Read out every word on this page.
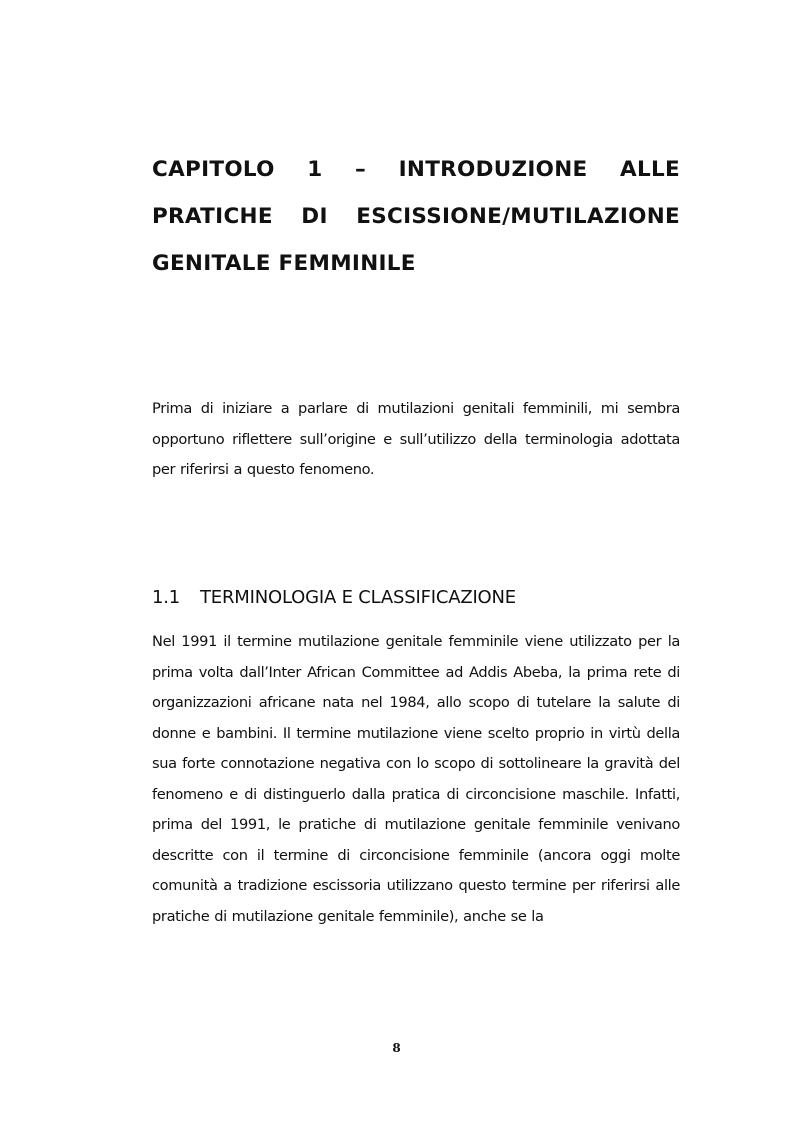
CAPITOLO 1 – INTRODUZIONE ALLE PRATICHE DI ESCISSIONE/MUTILAZIONE GENITALE FEMMINILE

Prima di iniziare a parlare di mutilazioni genitali femminili, mi sembra opportuno riflettere sull’origine e sull’utilizzo della terminologia adottata per riferirsi a questo fenomeno.

1.1 TERMINOLOGIA E CLASSIFICAZIONE

Nel 1991 il termine mutilazione genitale femminile viene utilizzato per la prima volta dall’Inter African Committee ad Addis Abeba, la prima rete di organizzazioni africane nata nel 1984, allo scopo di tutelare la salute di donne e bambini. Il termine mutilazione viene scelto proprio in virtù della sua forte connotazione negativa con lo scopo di sottolineare la gravità del fenomeno e di distinguerlo dalla pratica di circoncisione maschile. Infatti, prima del 1991, le pratiche di mutilazione genitale femminile venivano descritte con il termine di circoncisione femminile (ancora oggi molte comunità a tradizione escissoria utilizzano questo termine per riferirsi alle pratiche di mutilazione genitale femminile), anche se la

8
